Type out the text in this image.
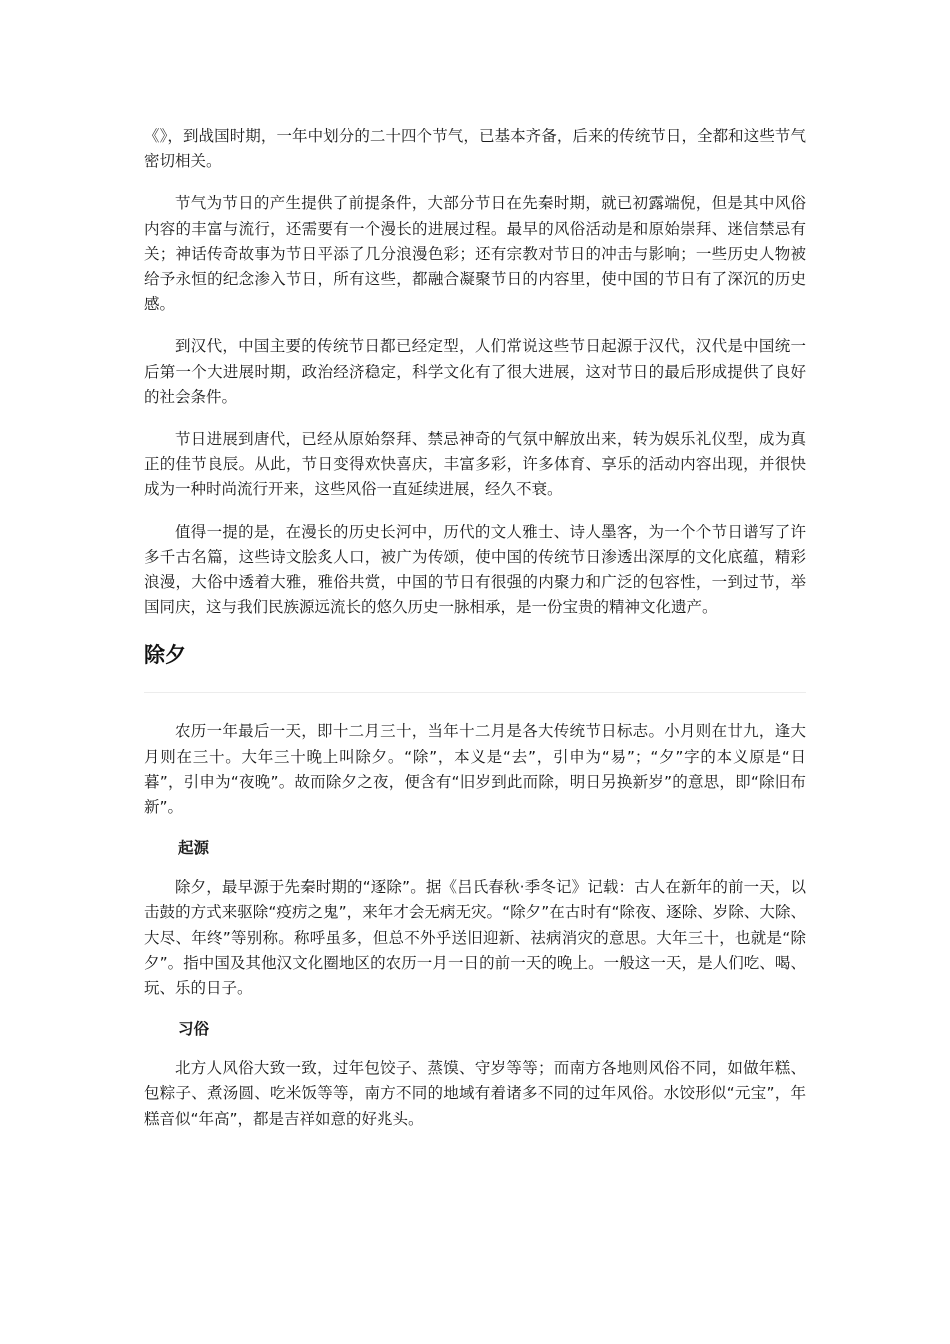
《》，到战国时期，一年中划分的二十四个节气，已基本齐备，后来的传统节日，全都和这些节气密切相关。

节气为节日的产生提供了前提条件，大部分节日在先秦时期，就已初露端倪，但是其中风俗内容的丰富与流行，还需要有一个漫长的进展过程。最早的风俗活动是和原始崇拜、迷信禁忌有关；神话传奇故事为节日平添了几分浪漫色彩；还有宗教对节日的冲击与影响；一些历史人物被给予永恒的纪念渗入节日，所有这些，都融合凝聚节日的内容里，使中国的节日有了深沉的历史感。

到汉代，中国主要的传统节日都已经定型，人们常说这些节日起源于汉代，汉代是中国统一后第一个大进展时期，政治经济稳定，科学文化有了很大进展，这对节日的最后形成提供了良好的社会条件。

节日进展到唐代，已经从原始祭拜、禁忌神奇的气氛中解放出来，转为娱乐礼仪型，成为真正的佳节良辰。从此，节日变得欢快喜庆，丰富多彩，许多体育、享乐的活动内容出现，并很快成为一种时尚流行开来，这些风俗一直延续进展，经久不衰。

值得一提的是，在漫长的历史长河中，历代的文人雅士、诗人墨客，为一个个节日谱写了许多千古名篇，这些诗文脍炙人口，被广为传颂，使中国的传统节日渗透出深厚的文化底蕴，精彩浪漫，大俗中透着大雅，雅俗共赏，中国的节日有很强的内聚力和广泛的包容性，一到过节，举国同庆，这与我们民族源远流长的悠久历史一脉相承，是一份宝贵的精神文化遗产。

除夕

农历一年最后一天，即十二月三十，当年十二月是各大传统节日标志。小月则在廿九，逢大月则在三十。大年三十晚上叫除夕。“除”，本义是“去”，引申为“易”；“夕”字的本义原是“日暮”，引申为“夜晚”。故而除夕之夜，便含有“旧岁到此而除，明日另换新岁”的意思，即“除旧布新”。

起源

除夕，最早源于先秦时期的“逐除”。据《吕氏春秋·季冬记》记载：古人在新年的前一天，以击鼓的方式来驱除“疫疠之鬼”，来年才会无病无灾。“除夕”在古时有“除夜、逐除、岁除、大除、大尽、年终”等别称。称呼虽多，但总不外乎送旧迎新、祛病消灾的意思。大年三十，也就是“除夕”。指中国及其他汉文化圈地区的农历一月一日的前一天的晚上。一般这一天，是人们吃、喝、玩、乐的日子。

习俗

北方人风俗大致一致，过年包饺子、蒸馍、守岁等等；而南方各地则风俗不同，如做年糕、包粽子、煮汤圆、吃米饭等等，南方不同的地域有着诸多不同的过年风俗。水饺形似“元宝”，年糕音似“年高”，都是吉祥如意的好兆头。
